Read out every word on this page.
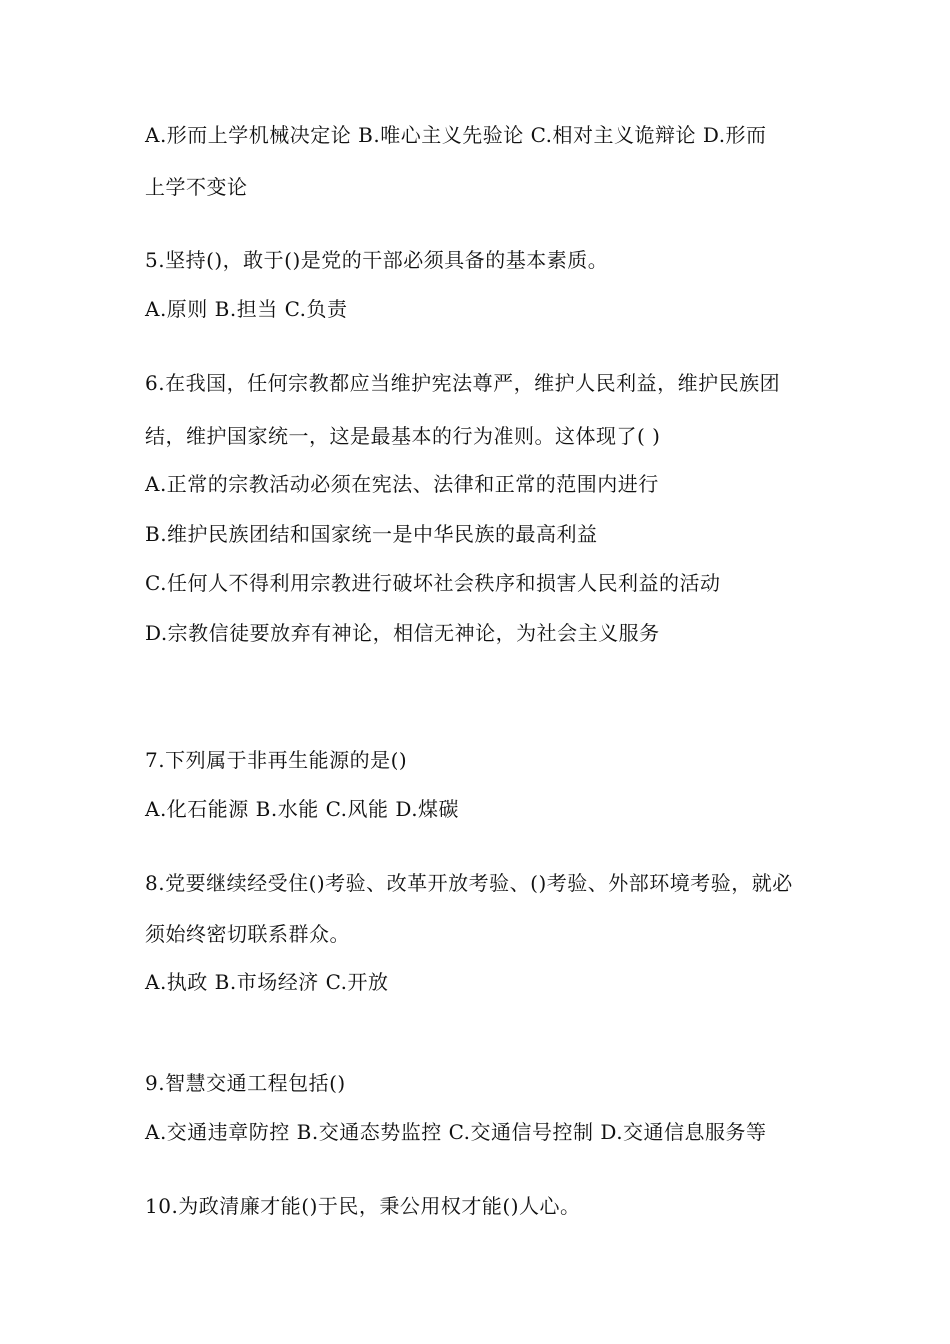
A.形而上学机械决定论 B.唯心主义先验论 C.相对主义诡辩论 D.形而
上学不变论
5.坚持()，敢于()是党的干部必须具备的基本素质。
A.原则 B.担当 C.负责
6.在我国，任何宗教都应当维护宪法尊严，维护人民利益，维护民族团
结，维护国家统一，这是最基本的行为准则。这体现了( )
A.正常的宗教活动必须在宪法、法律和正常的范围内进行
B.维护民族团结和国家统一是中华民族的最高利益
C.任何人不得利用宗教进行破坏社会秩序和损害人民利益的活动
D.宗教信徒要放弃有神论，相信无神论，为社会主义服务
7.下列属于非再生能源的是()
A.化石能源 B.水能 C.风能 D.煤碳
8.党要继续经受住()考验、改革开放考验、()考验、外部环境考验，就必
须始终密切联系群众。
A.执政 B.市场经济 C.开放
9.智慧交通工程包括()
A.交通违章防控 B.交通态势监控 C.交通信号控制 D.交通信息服务等
10.为政清廉才能()于民，秉公用权才能()人心。
